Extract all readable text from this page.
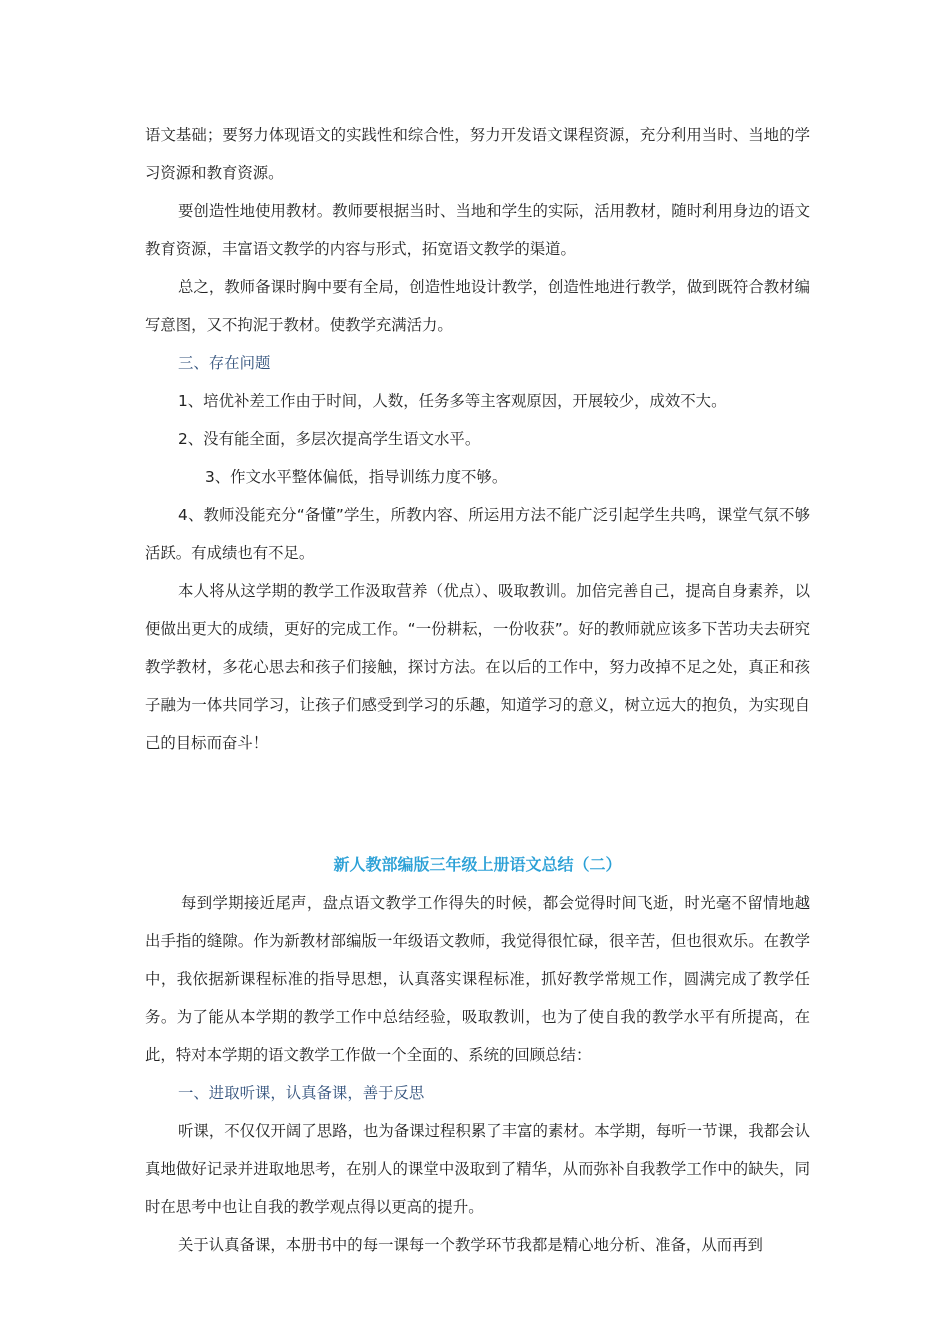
语文基础；要努力体现语文的实践性和综合性，努力开发语文课程资源，充分利用当时、当地的学习资源和教育资源。

要创造性地使用教材。教师要根据当时、当地和学生的实际，活用教材，随时利用身边的语文教育资源，丰富语文教学的内容与形式，拓宽语文教学的渠道。

总之，教师备课时胸中要有全局，创造性地设计教学，创造性地进行教学，做到既符合教材编写意图，又不拘泥于教材。使教学充满活力。

三、存在问题

1、培优补差工作由于时间，人数，任务多等主客观原因，开展较少，成效不大。

2、没有能全面，多层次提高学生语文水平。

3、作文水平整体偏低，指导训练力度不够。

4、教师没能充分“备懂”学生，所教内容、所运用方法不能广泛引起学生共鸣，课堂气氛不够活跃。有成绩也有不足。

本人将从这学期的教学工作汲取营养（优点）、吸取教训。加倍完善自己，提高自身素养，以便做出更大的成绩，更好的完成工作。“一份耕耘，一份收获”。好的教师就应该多下苦功夫去研究教学教材，多花心思去和孩子们接触，探讨方法。在以后的工作中，努力改掉不足之处，真正和孩子融为一体共同学习，让孩子们感受到学习的乐趣，知道学习的意义，树立远大的抱负，为实现自己的目标而奋斗！

新人教部编版三年级上册语文总结（二）

每到学期接近尾声，盘点语文教学工作得失的时候，都会觉得时间飞逝，时光毫不留情地越出手指的缝隙。作为新教材部编版一年级语文教师，我觉得很忙碌，很辛苦，但也很欢乐。在教学中，我依据新课程标准的指导思想，认真落实课程标准，抓好教学常规工作，圆满完成了教学任务。为了能从本学期的教学工作中总结经验，吸取教训，也为了使自我的教学水平有所提高，在此，特对本学期的语文教学工作做一个全面的、系统的回顾总结：

一、进取听课，认真备课，善于反思

听课，不仅仅开阔了思路，也为备课过程积累了丰富的素材。本学期，每听一节课，我都会认真地做好记录并进取地思考，在别人的课堂中汲取到了精华，从而弥补自我教学工作中的缺失，同时在思考中也让自我的教学观点得以更高的提升。

关于认真备课，本册书中的每一课每一个教学环节我都是精心地分析、准备，从而再到
